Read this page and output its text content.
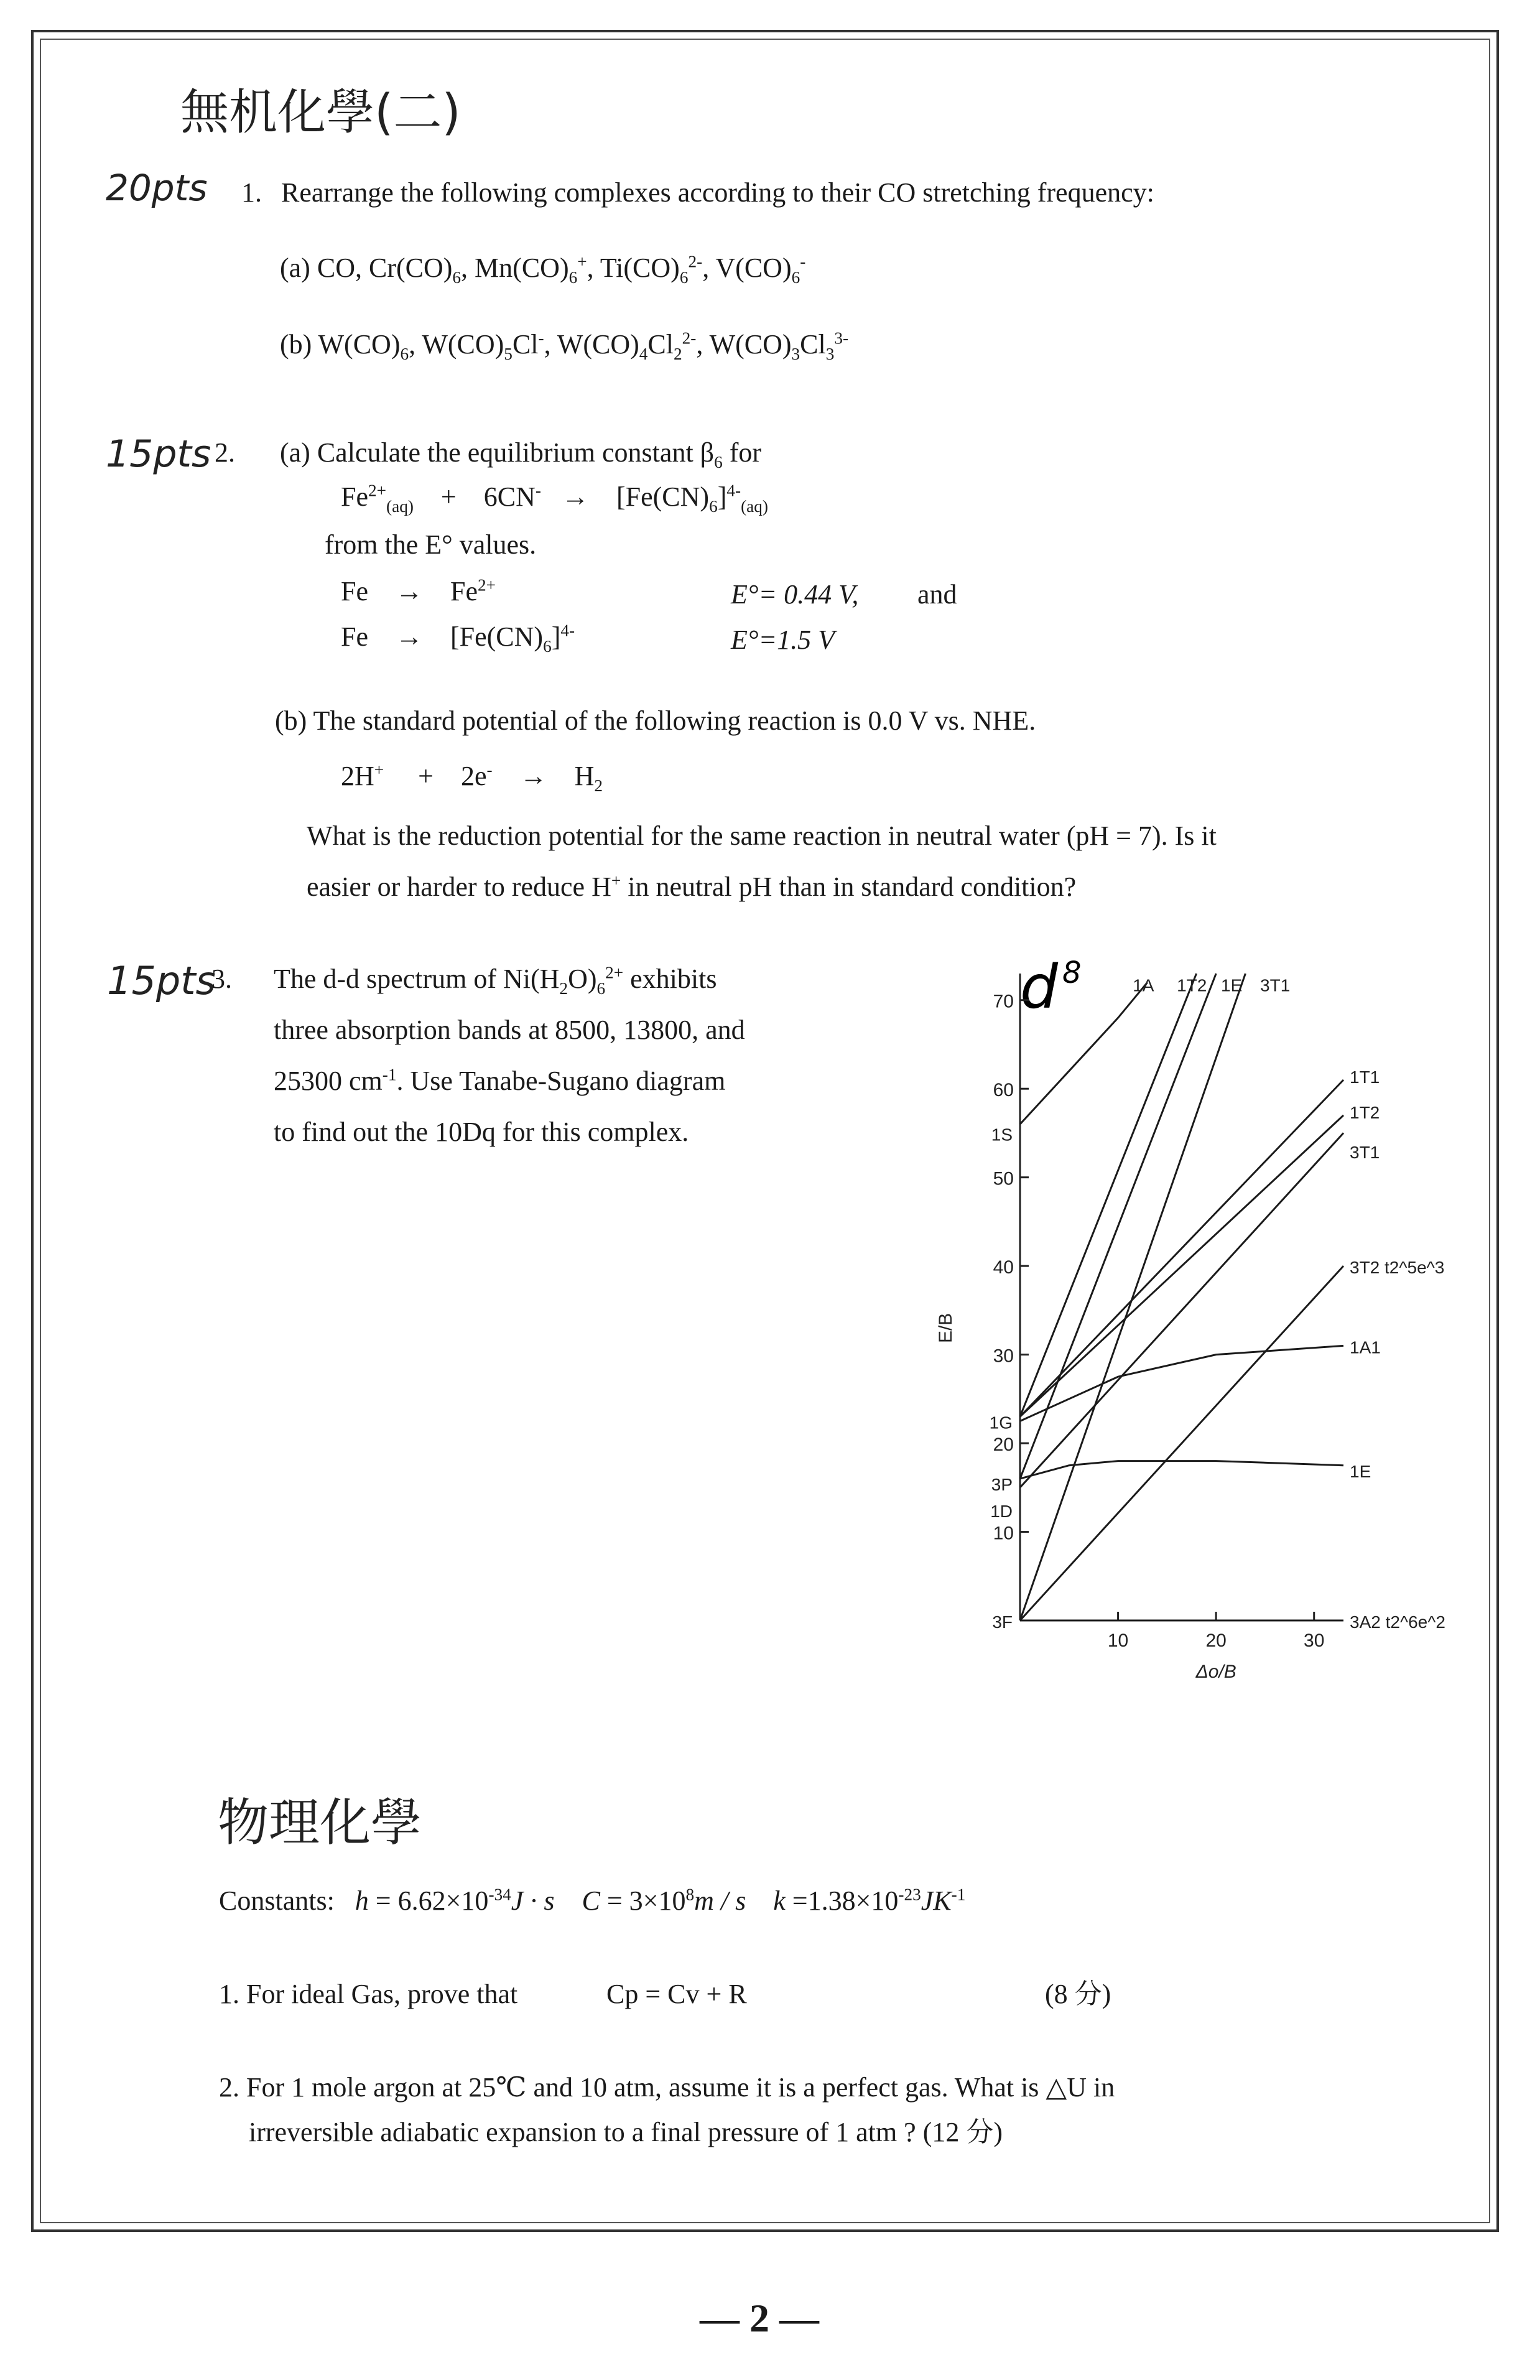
無机化學(二)
20pts 1. Rearrange the following complexes according to their CO stretching frequency:
(a) CO, $Cr(CO)_6$, $Mn(CO)_6^+$, $Ti(CO)_6^{2-}$, $V(CO)_6^-$
(b) $W(CO)_6$, $W(CO)_5Cl^-$, $W(CO)_4Cl_2^{2-}$, $W(CO)_3Cl_3^{3-}$
15pts 2. (a) Calculate the equilibrium constant $\beta_6$ for
$Fe^{2+}_{(aq)}$ +    6CN- →    $[Fe(CN)_6]^{4-}_{(aq)}$
from the E° values.
Fe →    $Fe^{2+}$	E°= 0.44 V, and
Fe →    $[Fe(CN)_6]^{4-}$	E°=1.5 V
(b) The standard potential of the following reaction is 0.0 V vs. NHE.
2H+ +    2e- →    $H_2$
What is the reduction potential for the same reaction in neutral water (pH = 7). Is it
easier or harder to reduce H+ in neutral pH than in standard condition?
15pts
3. The d-d spectrum of $Ni(H_2O)_6^{2+}$ exhibits
three absorption bands at 8500, 13800, and
25300 $cm^{-1}$. Use Tanabe-Sugano diagram
to find out the 10Dq for this complex.
d 8
10
20
30
40
50
60
70
10	20	30
Δo/B
E/B
1S
1G
3P
1D
3F
1A 1T2 1E 3T1
1T1
1T2
3T1
3T2 t2^5e^3
1A1
1E
3A2 t2^6e^2
物理化學
Constants: $h = 6.62\times 10^{-34}J \cdot s$ $C = 3\times 10^8m / s$ $k =1.38\times 10^{-23}JK^{-1}$
1. For ideal Gas, prove that	Cp = Cv + R	(8 分)
2. For 1 mole argon at 25℃ and 10 atm, assume it is a perfect gas. What is △U in
irreversible adiabatic expansion to a final pressure of 1 atm ? (12 分)
— 2 —
